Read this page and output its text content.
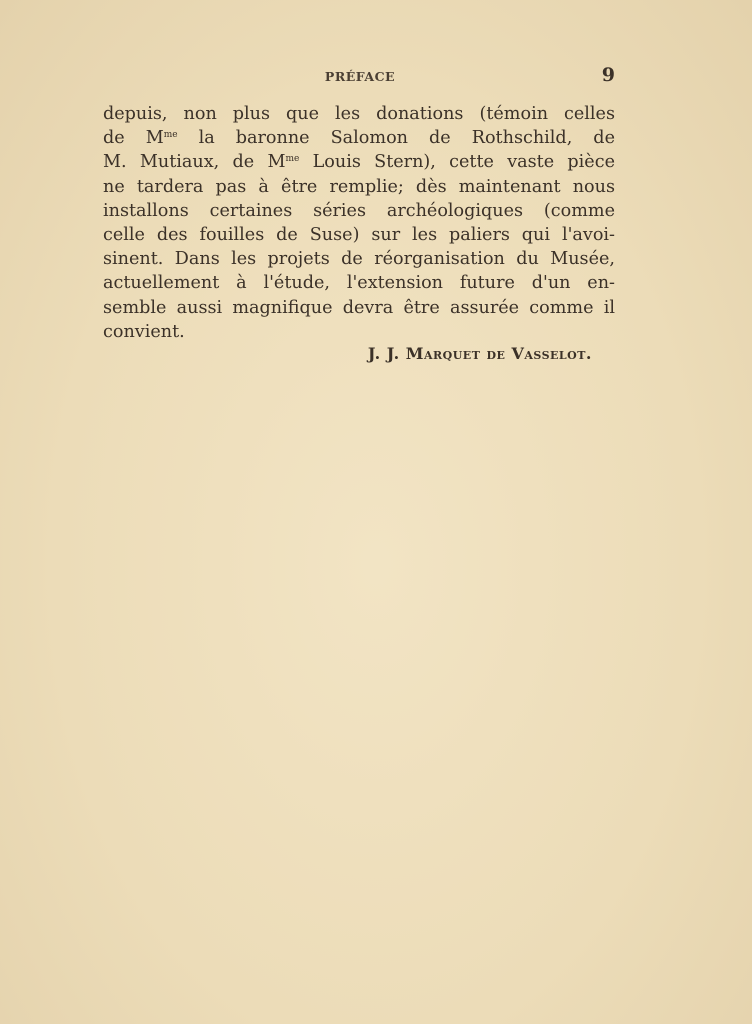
PRÉFACE	9
depuis, non plus que les donations (témoin celles
de $M^{me}$ la baronne Salomon de Rothschild, de
M. Mutiaux, de $M^{me}$ Louis Stern), cette vaste pièce
ne tardera pas à être remplie; dès maintenant nous
installons certaines séries archéologiques (comme
celle des fouilles de Suse) sur les paliers qui l'avoi-
sinent. Dans les projets de réorganisation du Musée,
actuellement à l'étude, l'extension future d'un en-
semble aussi magnifique devra être assurée comme il
convient.
J. J. Marquet de Vasselot.
